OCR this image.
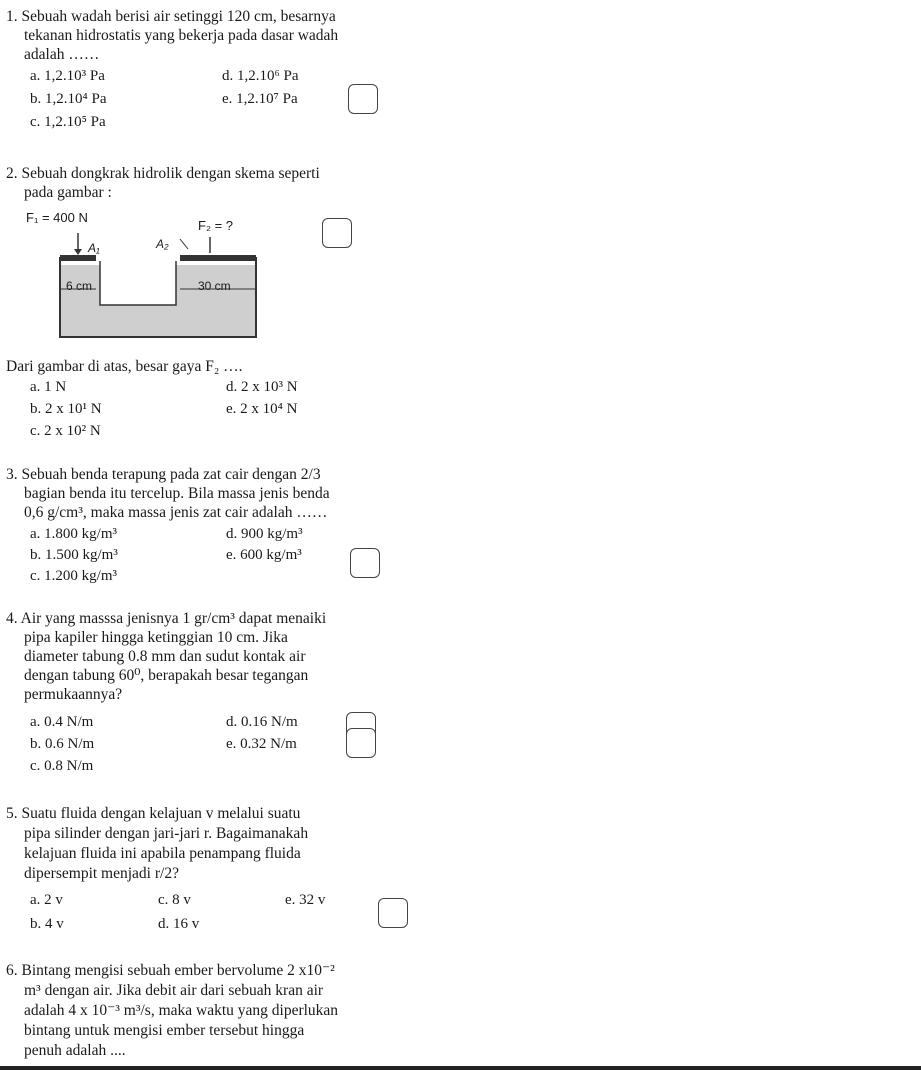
1. Sebuah wadah berisi air setinggi 120 cm, besarnya
tekanan hidrostatis yang bekerja pada dasar wadah
adalah ……
a. 1,2.10³ Pa	d. 1,2.10⁶ Pa
b. 1,2.10⁴ Pa	e. 1,2.10⁷ Pa
c. 1,2.10⁵ Pa
2. Sebuah dongkrak hidrolik dengan skema seperti
pada gambar :
F₁ = 400 N
F₂ = ?
A₁	A₂
6 cm	30 cm
Dari gambar di atas, besar gaya F₂ ….
a. 1 N	d. 2 x 10³ N
b. 2 x 10¹ N	e. 2 x 10⁴ N
c. 2 x 10² N
3. Sebuah benda terapung pada zat cair dengan 2/3
bagian benda itu tercelup. Bila massa jenis benda
0,6 g/cm³, maka massa jenis zat cair adalah ……
a. 1.800 kg/m³	d. 900 kg/m³
b. 1.500 kg/m³	e. 600 kg/m³
c. 1.200 kg/m³
4. Air yang masssa jenisnya 1 gr/cm³ dapat menaiki
pipa kapiler hingga ketinggian 10 cm. Jika
diameter tabung 0.8 mm dan sudut kontak air
dengan tabung 60⁰, berapakah besar tegangan
permukaannya?
a. 0.4 N/m	d. 0.16 N/m
b. 0.6 N/m	e. 0.32 N/m
c. 0.8 N/m
5. Suatu fluida dengan kelajuan v melalui suatu
pipa silinder dengan jari-jari r. Bagaimanakah
kelajuan fluida ini apabila penampang fluida
dipersempit menjadi r/2?
a. 2 v	c. 8 v	e. 32 v
b. 4 v	d. 16 v
6. Bintang mengisi sebuah ember bervolume 2 x10⁻²
m³ dengan air. Jika debit air dari sebuah kran air
adalah 4 x 10⁻³ m³/s, maka waktu yang diperlukan
bintang untuk mengisi ember tersebut hingga
penuh adalah ....
